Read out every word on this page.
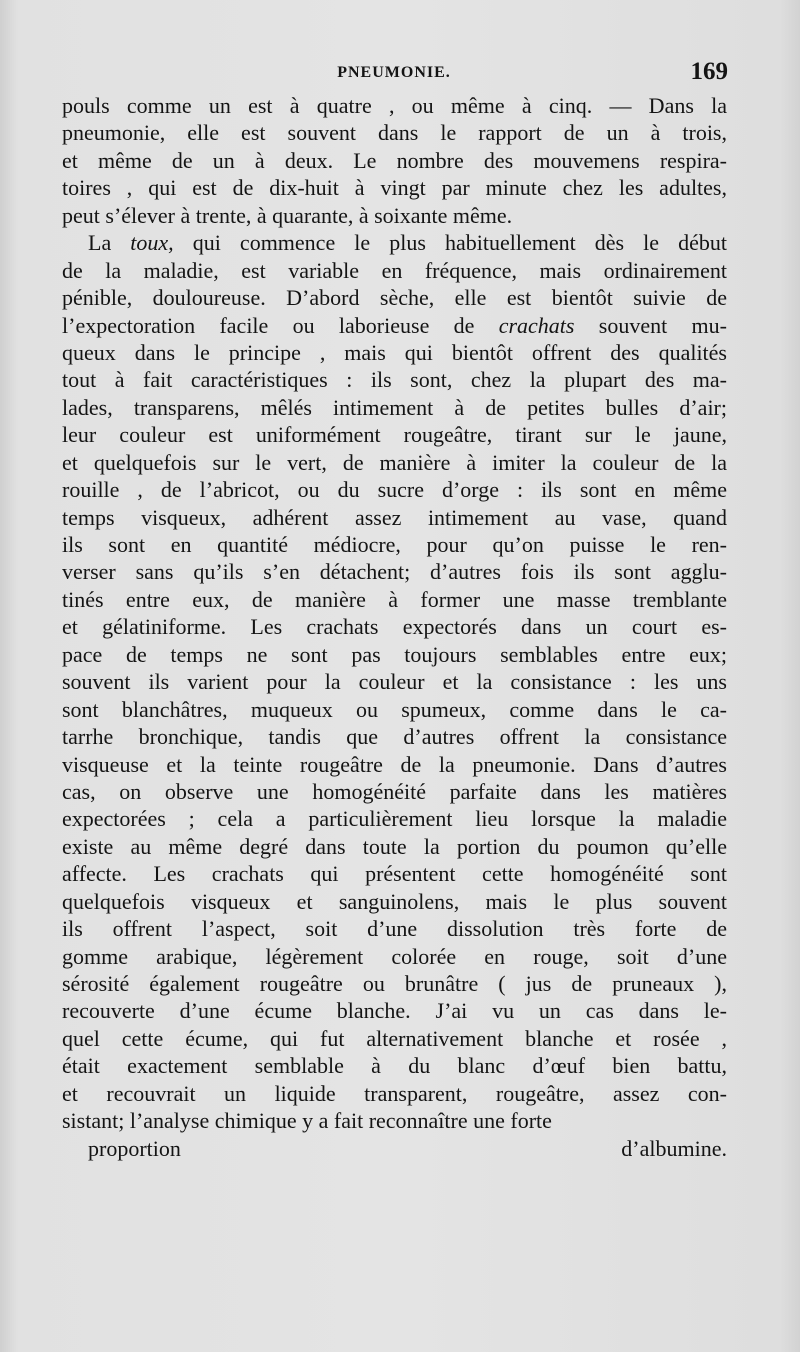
PNEUMONIE.	169
pouls comme un est à quatre , ou même à cinq. — Dans la
pneumonie, elle est souvent dans le rapport de un à trois,
et même de un à deux. Le nombre des mouvemens respira-
toires , qui est de dix-huit à vingt par minute chez les adultes,
peut s’élever à trente, à quarante, à soixante même.
La toux, qui commence le plus habituellement dès le début
de la maladie, est variable en fréquence, mais ordinairement
pénible, douloureuse. D’abord sèche, elle est bientôt suivie de
l’expectoration facile ou laborieuse de crachats souvent mu-
queux dans le principe , mais qui bientôt offrent des qualités
tout à fait caractéristiques : ils sont, chez la plupart des ma-
lades, transparens, mêlés intimement à de petites bulles d’air;
leur couleur est uniformément rougeâtre, tirant sur le jaune,
et quelquefois sur le vert, de manière à imiter la couleur de la
rouille , de l’abricot, ou du sucre d’orge : ils sont en même
temps visqueux, adhérent assez intimement au vase, quand
ils sont en quantité médiocre, pour qu’on puisse le ren-
verser sans qu’ils s’en détachent; d’autres fois ils sont agglu-
tinés entre eux, de manière à former une masse tremblante
et gélatiniforme. Les crachats expectorés dans un court es-
pace de temps ne sont pas toujours semblables entre eux;
souvent ils varient pour la couleur et la consistance : les uns
sont blanchâtres, muqueux ou spumeux, comme dans le ca-
tarrhe bronchique, tandis que d’autres offrent la consistance
visqueuse et la teinte rougeâtre de la pneumonie. Dans d’autres
cas, on observe une homogénéité parfaite dans les matières
expectorées ; cela a particulièrement lieu lorsque la maladie
existe au même degré dans toute la portion du poumon qu’elle
affecte. Les crachats qui présentent cette homogénéité sont
quelquefois visqueux et sanguinolens, mais le plus souvent
ils offrent l’aspect, soit d’une dissolution très forte de
gomme arabique, légèrement colorée en rouge, soit d’une
sérosité également rougeâtre ou brunâtre ( jus de pruneaux ),
recouverte d’une écume blanche. J’ai vu un cas dans le-
quel cette écume, qui fut alternativement blanche et rosée ,
était exactement semblable à du blanc d’œuf bien battu,
et recouvrait un liquide transparent, rougeâtre, assez con-
sistant; l’analyse chimique y a fait reconnaître une forte
proportion d’albumine.
